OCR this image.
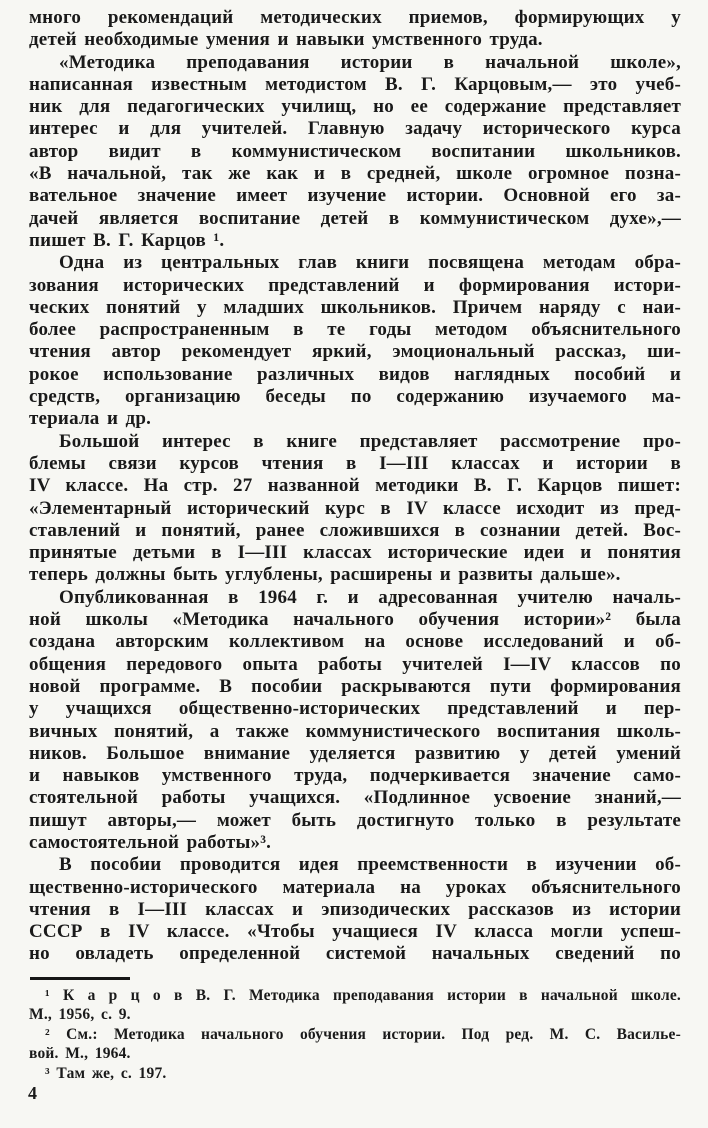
много рекомендаций методических приемов, формирующих у
детей необходимые умения и навыки умственного труда.

«Методика преподавания истории в начальной школе»,
написанная известным методистом В. Г. Карцовым,— это учеб-
ник для педагогических училищ, но ее содержание представляет
интерес и для учителей. Главную задачу исторического курса
автор видит в коммунистическом воспитании школьников.
«В начальной, так же как и в средней, школе огромное позна-
вательное значение имеет изучение истории. Основной его за-
дачей является воспитание детей в коммунистическом духе»,—
пишет В. Г. Карцов ¹.

Одна из центральных глав книги посвящена методам обра-
зования исторических представлений и формирования истори-
ческих понятий у младших школьников. Причем наряду с наи-
более распространенным в те годы методом объяснительного
чтения автор рекомендует яркий, эмоциональный рассказ, ши-
рокое использование различных видов наглядных пособий и
средств, организацию беседы по содержанию изучаемого ма-
териала и др.

Большой интерес в книге представляет рассмотрение про-
блемы связи курсов чтения в I—III классах и истории в
IV классе. На стр. 27 названной методики В. Г. Карцов пишет:
«Элементарный исторический курс в IV классе исходит из пред-
ставлений и понятий, ранее сложившихся в сознании детей. Вос-
принятые детьми в I—III классах исторические идеи и понятия
теперь должны быть углублены, расширены и развиты дальше».

Опубликованная в 1964 г. и адресованная учителю началь-
ной школы «Методика начального обучения истории»² была
создана авторским коллективом на основе исследований и об-
общения передового опыта работы учителей I—IV классов по
новой программе. В пособии раскрываются пути формирования
у учащихся общественно-исторических представлений и пер-
вичных понятий, а также коммунистического воспитания школь-
ников. Большое внимание уделяется развитию у детей умений
и навыков умственного труда, подчеркивается значение само-
стоятельной работы учащихся. «Подлинное усвоение знаний,—
пишут авторы,— может быть достигнуто только в результате
самостоятельной работы»³.

В пособии проводится идея преемственности в изучении об-
щественно-исторического материала на уроках объяснительного
чтения в I—III классах и эпизодических рассказов из истории
СССР в IV классе. «Чтобы учащиеся IV класса могли успеш-
но овладеть определенной системой начальных сведений по

¹ К а р ц о в В. Г. Методика преподавания истории в начальной школе.
М., 1956, с. 9.

² См.: Методика начального обучения истории. Под ред. М. С. Василье-
вой. М., 1964.

³ Там же, с. 197.

4
